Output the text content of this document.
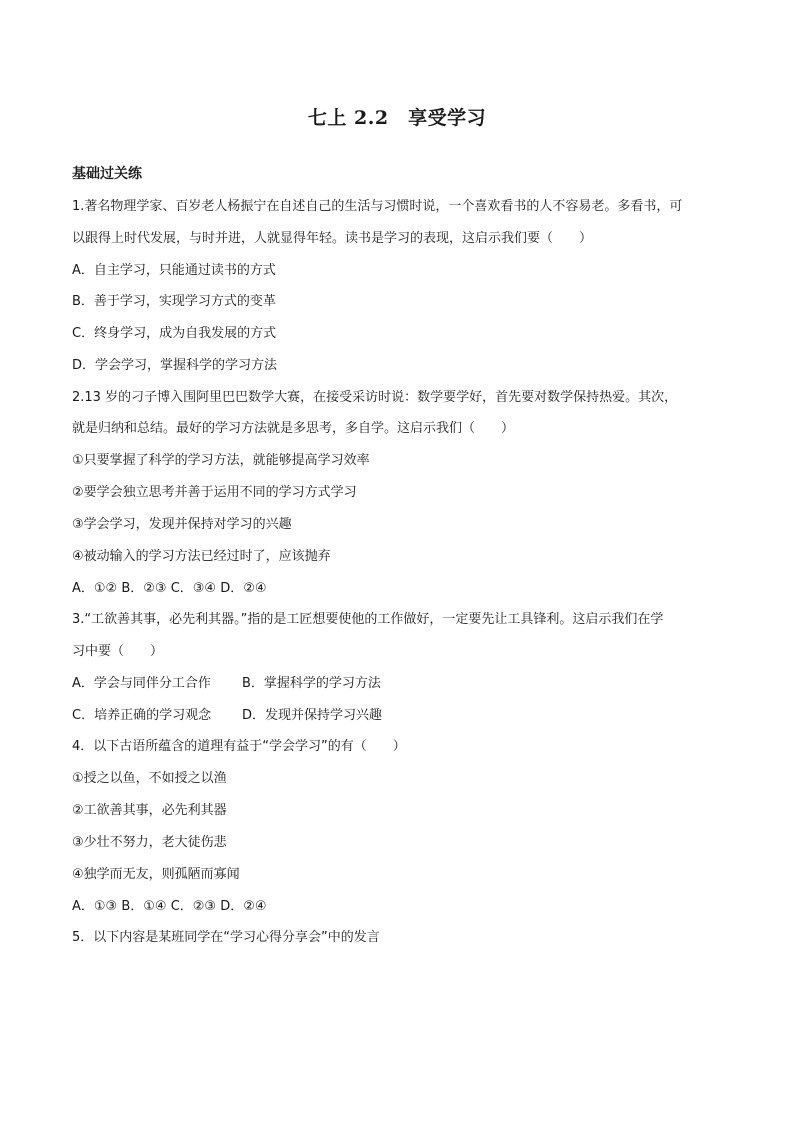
七上 2.2　享受学习
基础过关练
1.著名物理学家、百岁老人杨振宁在自述自己的生活与习惯时说，一个喜欢看书的人不容易老。多看书，可
以跟得上时代发展，与时并进，人就显得年轻。读书是学习的表现，这启示我们要（　　）
A．自主学习，只能通过读书的方式
B．善于学习，实现学习方式的变革
C．终身学习，成为自我发展的方式
D．学会学习，掌握科学的学习方法
2.13 岁的刁子博入围阿里巴巴数学大赛，在接受采访时说：数学要学好，首先要对数学保持热爱。其次，
就是归纳和总结。最好的学习方法就是多思考，多自学。这启示我们（　　）
①只要掌握了科学的学习方法，就能够提高学习效率
②要学会独立思考并善于运用不同的学习方式学习
③学会学习，发现并保持对学习的兴趣
④被动输入的学习方法已经过时了，应该抛弃
A．①② B．②③ C．③④ D．②④
3.“工欲善其事，必先利其器。”指的是工匠想要使他的工作做好，一定要先让工具锋利。这启示我们在学
习中要（　　）
A．学会与同伴分工合作 B．掌握科学的学习方法
C．培养正确的学习观念 D．发现并保持学习兴趣
4．以下古语所蕴含的道理有益于“学会学习”的有（　　）
①授之以鱼，不如授之以渔
②工欲善其事，必先利其器
③少壮不努力，老大徒伤悲
④独学而无友，则孤陋而寡闻
A．①③ B．①④ C．②③ D．②④
5．以下内容是某班同学在“学习心得分享会”中的发言
